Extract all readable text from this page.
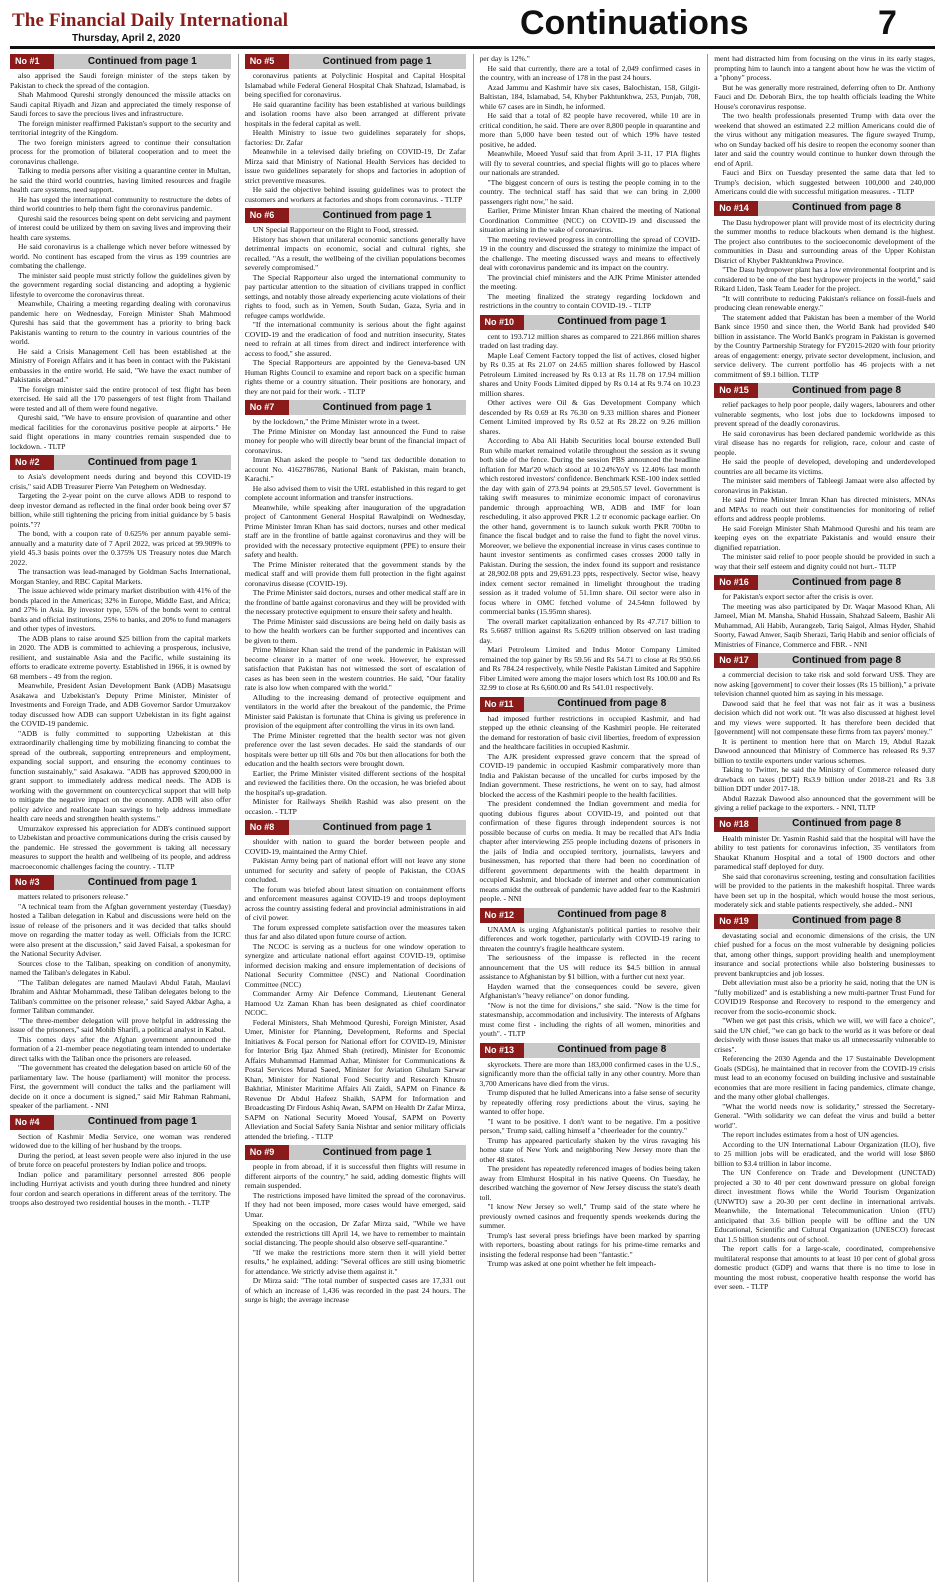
The Financial Daily International
Thursday, April 2, 2020	Continuations	7
No #1	Continued from page 1

also apprised the Saudi foreign minister of the steps taken by Pakistan to check the spread of the contagion.

Shah Mahmood Qureshi strongly denounced the missile attacks on Saudi capital Riyadh and Jizan and appreciated the timely response of Saudi forces to save the precious lives and infrastructure.

The foreign minister reaffirmed Pakistan's support to the security and territorial integrity of the Kingdom.

The two foreign ministers agreed to continue their consultation process for the promotion of bilateral cooperation and to meet the coronavirus challenge.

Talking to media persons after visiting a quarantine center in Multan, he said the third world countries, having limited resources and fragile health care systems, need support.

He has urged the international community to restructure the debts of third world countries to help them fight the coronavirus pandemic.

Qureshi said the resources being spent on debt servicing and payment of interest could be utilized by them on saving lives and improving their health care systems.

He said coronavirus is a challenge which never before witnessed by world. No continent has escaped from the virus as 199 countries are combating the challenge.

The minister said people must strictly follow the guidelines given by the government regarding social distancing and adopting a hygienic lifestyle to overcome the coronavirus threat.

Meanwhile, Chairing a meeting regarding dealing with coronavirus pandemic here on Wednesday, Foreign Minister Shah Mahmood Qureshi has said that the government has a priority to bring back Pakistanis wanting to return to the country in various countries of the world.

He said a Crisis Management Cell has been established at the Ministry of Foreign Affairs and it has been in contact with the Pakistani embassies in the entire world. He said, "We have the exact number of Pakistanis abroad."

The foreign minister said the entire protocol of test flight has been exercised. He said all the 170 passengers of test flight from Thailand were tested and all of them were found negative.

Qureshi said, "We have to ensure provision of quarantine and other medical facilities for the coronavirus positive people at airports." He said flight operations in many countries remain suspended due to lockdown. - TLTP

No #2	Continued from page 1

to Asia's development needs during and beyond this COVID-19 crisis," said ADB Treasurer Pierre Van Peteghem on Wednesday.

Targeting the 2-year point on the curve allows ADB to respond to deep investor demand as reflected in the final order book being over $7 billion, while still tightening the pricing from initial guidance by 5 basis points."??

The bond, with a coupon rate of 0.625% per annum payable semi-annually and a maturity date of 7 April 2022, was priced at 99.909% to yield 45.3 basis points over the 0.375% US Treasury notes due March 2022.

The transaction was lead-managed by Goldman Sachs International, Morgan Stanley, and RBC Capital Markets.

The issue achieved wide primary market distribution with 41% of the bonds placed in the Americas; 32% in Europe, Middle East, and Africa; and 27% in Asia. By investor type, 55% of the bonds went to central banks and official institutions, 25% to banks, and 20% to fund managers and other types of investors.

The ADB plans to raise around $25 billion from the capital markets in 2020. The ADB is committed to achieving a prosperous, inclusive, resilient, and sustainable Asia and the Pacific, while sustaining its efforts to eradicate extreme poverty. Established in 1966, it is owned by 68 members - 49 from the region.

Meanwhile, President Asian Development Bank (ADB) Masatsugu Asakawa and Uzbekistan's Deputy Prime Minister, Minister of Investments and Foreign Trade, and ADB Governor Sardor Umurzakov today discussed how ADB can support Uzbekistan in its fight against the COVID-19 pandemic.

"ADB is fully committed to supporting Uzbekistan at this extraordinarily challenging time by mobilizing financing to combat the spread of the outbreak, supporting entrepreneurs and employment, expanding social support, and ensuring the economy continues to function sustainably," said Asakawa. "ADB has approved $200,000 in grant support to immediately address medical needs. The ADB is working with the government on countercyclical support that will help to mitigate the negative impact on the economy. ADB will also offer policy advice and reallocate loan savings to help address immediate health care needs and strengthen health systems."

Umurzakov expressed his appreciation for ADB's continued support to Uzbekistan and proactive communications during the crisis caused by the pandemic. He stressed the government is taking all necessary measures to support the health and wellbeing of its people, and address macroeconomic challenges facing the country. - TLTP

No #3	Continued from page 1

matters related to prisoners release."

"A technical team from the Afghan government yesterday (Tuesday) hosted a Taliban delegation in Kabul and discussions were held on the issue of release of the prisoners and it was decided that talks should move on regarding the matter today as well. Officials from the ICRC were also present at the discussion," said Javed Faisal, a spokesman for the National Security Adviser.

Sources close to the Taliban, speaking on condition of anonymity, named the Taliban's delegates in Kabul.

"The Taliban delegates are named Maulavi Abdul Fatah, Maulavi Ibrahim and Akhtar Mohammadi, these Taliban delegates belong to the Taliban's committee on the prisoner release," said Sayed Akbar Agha, a former Taliban commander.

"The three-member delegation will prove helpful in addressing the issue of the prisoners," said Mohib Sharifi, a political analyst in Kabul.

This comes days after the Afghan government announced the formation of a 21-member peace negotiating team intended to undertake direct talks with the Taliban once the prisoners are released.

"The government has created the delegation based on article 60 of the parliamentary law. The house (parliament) will monitor the process. First, the government will conduct the talks and the parliament will decide on it once a document is signed," said Mir Rahman Rahmani, speaker of the parliament. - NNI

No #4	Continued from page 1

Section of Kashmir Media Service, one woman was rendered widowed due to the killing of her husband by the troops.

During the period, at least seven people were also injured in the use of brute force on peaceful protesters by Indian police and troops.

Indian police and paramilitary personnel arrested 806 people including Hurriyat activists and youth during three hundred and ninety four cordon and search operations in different areas of the territory. The troops also destroyed two residential houses in the month. - TLTP

No #5	Continued from page 1

coronavirus patients at Polyclinic Hospital and Capital Hospital Islamabad while Federal General Hospital Chak Shahzad, Islamabad, is being specified for coronavirus.

He said quarantine facility has been established at various buildings and isolation rooms have also been arranged at different private hospitals in the federal capital as well.

Health Ministry to issue two guidelines separately for shops, factories: Dr. Zafar

Meanwhile in a televised daily briefing on COVID-19, Dr Zafar Mirza said that Ministry of National Health Services has decided to issue two guidelines separately for shops and factories in adoption of strict preventive measures.

He said the objective behind issuing guidelines was to protect the customers and workers at factories and shops from coronavirus. - TLTP

No #6	Continued from page 1

UN Special Rapporteur on the Right to Food, stressed.

History has shown that unilateral economic sanctions generally have detrimental impacts on economic, social and cultural rights, she recalled. "As a result, the wellbeing of the civilian populations becomes severely compromised."

The Special Rapporteur also urged the international community to pay particular attention to the situation of civilians trapped in conflict settings, and notably those already experiencing acute violations of their rights to food, such as in Yemen, South Sudan, Gaza, Syria and in refugee camps worldwide.

"If the international community is serious about the fight against COVID-19 and the eradication of food and nutrition insecurity, States need to refrain at all times from direct and indirect interference with access to food," she assured.

The Special Rapporteurs are appointed by the Geneva-based UN Human Rights Council to examine and report back on a specific human rights theme or a country situation. Their positions are honorary, and they are not paid for their work. - TLTP

No #7	Continued from page 1

by the lockdown," the Prime Minister wrote in a tweet.

The Prime Minister on Monday last announced the Fund to raise money for people who will directly bear brunt of the financial impact of coronavirus.

Imran Khan asked the people to "send tax deductible donation to account No. 4162786786, National Bank of Pakistan, main branch, Karachi."

He also advised them to visit the URL established in this regard to get complete account information and transfer instructions.

Meanwhile, while speaking after inauguration of the upgradation project of Cantonment General Hospital Rawalpindi on Wednesday, Prime Minister Imran Khan has said doctors, nurses and other medical staff are in the frontline of battle against coronavirus and they will be provided with the necessary protective equipment (PPE) to ensure their safety and health.

The Prime Minister reiterated that the government stands by the medical staff and will provide them full protection in the fight against coronavirus disease (COVID-19).

The Prime Minister said doctors, nurses and other medical staff are in the frontline of battle against coronavirus and they will be provided with the necessary protective equipment to ensure their safety and health.

The Prime Minister said discussions are being held on daily basis as to how the health workers can be further supported and incentives can be given to them.

Prime Minister Khan said the trend of the pandemic in Pakistan will become clearer in a matter of one week. However, he expressed satisfaction that Pakistan has not witnessed the sort of escalation of cases as has been seen in the western countries. He said, "Our fatality rate is also low when compared with the world."

Alluding to the increasing demand of protective equipment and ventilators in the world after the breakout of the pandemic, the Prime Minister said Pakistan is fortunate that China is giving us preference in provision of the equipment after controlling the virus in its own land.

The Prime Minister regretted that the health sector was not given preference over the last seven decades. He said the standards of our hospitals were better up till 60s and 70s but then allocations for both the education and the health sectors were brought down.

Earlier, the Prime Minister visited different sections of the hospital and reviewed the facilities there. On the occasion, he was briefed about the hospital's up-gradation.

Minister for Railways Sheikh Rashid was also present on the occasion. - TLTP

No #8	Continued from page 1

shoulder with nation to guard the border between people and COVID-19, maintained the Army Chief.

Pakistan Army being part of national effort will not leave any stone unturned for security and safety of people of Pakistan, the COAS concluded.

The forum was briefed about latest situation on containment efforts and enforcement measures against COVID-19 and troops deployment across the country assisting federal and provincial administrations in aid of civil power.

The forum expressed complete satisfaction over the measures taken thus far and also dilated upon future course of action.

The NCOC is serving as a nucleus for one window operation to synergize and articulate national effort against COVID-19, optimise informed decision making and ensure implementation of decisions of National Security Committee (NSC) and National Coordination Committee (NCC)

Commander Army Air Defence Command, Lieutenant General Hamood Uz Zaman Khan has been designated as chief coordinator NCOC.

Federal Ministers, Shah Mehmood Qureshi, Foreign Minister, Asad Umer, Minister for Planning, Development, Reforms and Special Initiatives & Focal person for National effort for COVID-19, Minister for Interior Brig Ijaz Ahmed Shah (retired), Minister for Economic Affairs Muhammad Hammad Azhar, Minister for Communications & Postal Services Murad Saeed, Minister for Aviation Ghulam Sarwar Khan, Minister for National Food Security and Research Khusro Bakhtiar, Minister Maritime Affairs Ali Zaidi, SAPM on Finance & Revenue Dr Abdul Hafeez Shaikh, SAPM for Information and Broadcasting Dr Firdous Ashiq Awan, SAPM on Health Dr Zafar Mirza, SAPM on National Security Moeed Yousaf, SAPM on Poverty Alleviation and Social Safety Sania Nishtar and senior military officials attended the briefing. - TLTP

No #9	Continued from page 1

people in from abroad, if it is successful then flights will resume in different airports of the country," he said, adding domestic flights will remain suspended.

The restrictions imposed have limited the spread of the coronavirus. If they had not been imposed, more cases would have emerged, said Umar.

Speaking on the occasion, Dr Zafar Mirza said, "While we have extended the restrictions till April 14, we have to remember to maintain social distancing. The people should also observe self-quarantine."

"If we make the restrictions more stern then it will yield better results," he explained, adding: "Several offices are still using biometric for attendance. We strictly advise them against it."

Dr Mirza said: "The total number of suspected cases are 17,331 out of which an increase of 1,436 was recorded in the past 24 hours. The surge is high; the average increase

per day is 12%."

He said that currently, there are a total of 2,049 confirmed cases in the country, with an increase of 178 in the past 24 hours.

Azad Jammu and Kashmir have six cases, Balochistan, 158, Gilgit-Baltistan, 184, Islamabad, 54, Khyber Pakhtunkhwa, 253, Punjab, 708, while 67 cases are in Sindh, he informed.

He said that a total of 82 people have recovered, while 10 are in critical condition, he said. There are over 8,800 people in quarantine and more than 5,000 have been tested out of which 19% have tested positive, he added.

Meanwhile, Moeed Yusuf said that from April 3-11, 17 PIA flights will fly to several countries, and special flights will go to places where our nationals are stranded.

"The biggest concern of ours is testing the people coming in to the country. The technical staff has said that we can bring in 2,000 passengers right now," he said.

Earlier, Prime Minister Imran Khan chaired the meeting of National Coordination Committee (NCC) on COVID-19 and discussed the situation arising in the wake of coronavirus.

The meeting reviewed progress in controlling the spread of COVID-19 in the country and discussed the strategy to minimize the impact of the challenge. The meeting discussed ways and means to effectively deal with coronavirus pandemic and its impact on the country.

The provincial chief ministers and the AJK Prime Minister attended the meeting.

The meeting finalized the strategy regarding lockdown and restrictions in the country to contain COVID-19. - TLTP

No #10	Continued from page 1

cent to 193.712 million shares as compared to 221.866 million shares traded on last trading day.

Maple Leaf Cement Factory topped the list of actives, closed higher by Rs 0.35 at Rs 21.07 on 24.65 million shares followed by Hascol Petroleum Limited increased by Rs 0.13 at Rs 11.78 on 17.94 million shares and Unity Foods Limited dipped by Rs 0.14 at Rs 9.74 on 10.23 million shares.

Other actives were Oil & Gas Development Company which descended by Rs 0.69 at Rs 76.30 on 9.33 million shares and Pioneer Cement Limited improved by Rs 0.52 at Rs 28.22 on 9.26 million shares.

According to Aba Ali Habib Securities local bourse extended Bull Run while market remained volatile throughout the session as it swung both side of the fence. During the session PBS announced the headline inflation for Mar'20 which stood at 10.24%YoY vs 12.40% last month which restored investors' confidence. Benchmark KSE-100 index settled the day with gain of 273.94 points at 29,505.57 level. Government is taking swift measures to minimize economic impact of coronavirus pandemic through approaching WB, ADB and IMF for loan rescheduling, it also approved PKR 1.2 tr economic package earlier. On the other hand, government is to launch sukuk worth PKR 700bn to finance the fiscal budget and to raise the fund to fight the novel virus. Moreover, we believe the exponential increase in virus cases continue to haunt investor sentiments as confirmed cases crosses 2000 tally in Pakistan. During the session, the index found its support and resistance at 28,902.08 ppts and 29,691.23 ppts, respectively. Sector wise, heavy index cement sector remained in limelight throughout the trading session as it traded volume of 51.1mn share. Oil sector were also in focus where in OMC fetched volume of 24.54mn followed by commercial banks (15.95mn shares).

The overall market capitalization enhanced by Rs 47.717 billion to Rs 5.6687 trillion against Rs 5.6209 trillion observed on last trading day.

Mari Petroleum Limited and Indus Motor Company Limited remained the top gainer by Rs 59.56 and Rs 54.71 to close at Rs 950.66 and Rs 784.24 respectively, while Nestle Pakistan Limited and Sapphire Fiber Limited were among the major losers which lost Rs 100.00 and Rs 32.99 to close at Rs 6,600.00 and Rs 541.01 respectively.

No #11	Continued from page 8

had imposed further restrictions in occupied Kashmir, and had stepped up the ethnic cleansing of the Kashmiri people. He reiterated the demand for restoration of basic civil liberties, freedom of expression and the healthcare facilities in occupied Kashmir.

The AJK president expressed grave concern that the spread of COVID-19 pandemic in occupied Kashmir comparatively more than India and Pakistan because of the uncalled for curbs imposed by the Indian government. These restrictions, he went on to say, had almost blocked the access of the Kashmiri people to the health facilities.

The president condemned the Indian government and media for quoting dubious figures about COVID-19, and pointed out that confirmation of these figures through independent sources is not possible because of curbs on media. It may be recalled that AI's India chapter after interviewing 255 people including dozens of prisoners in the jails of India and occupied territory, journalists, lawyers and businessmen, has reported that there had been no coordination of different government departments with the health department in occupied Kashmir, and blockade of internet and other communication means amidst the outbreak of pandemic have added fear to the Kashmiri people. - NNI

No #12	Continued from page 8

UNAMA is urging Afghanistan's political parties to resolve their differences and work together, particularly with COVID-19 raring to threaten the country's fragile healthcare system.

The seriousness of the impasse is reflected in the recent announcement that the US will reduce its $4.5 billion in annual assistance to Afghanistan by $1 billion, with a further cut next year.

Hayden warned that the consequences could be severe, given Afghanistan's "heavy reliance" on donor funding.

"Now is not the time for divisions," she said. "Now is the time for statesmanship, accommodation and inclusivity. The interests of Afghans must come first - including the rights of all women, minorities and youth". - TLTP

No #13	Continued from page 8

skyrockets. There are more than 183,000 confirmed cases in the U.S., significantly more than the official tally in any other country. More than 3,700 Americans have died from the virus.

Trump disputed that he lulled Americans into a false sense of security by repeatedly offering rosy predictions about the virus, saying he wanted to offer hope.

"I want to be positive. I don't want to be negative. I'm a positive person," Trump said, calling himself a "cheerleader for the country."

Trump has appeared particularly shaken by the virus ravaging his home state of New York and neighboring New Jersey more than the other 48 states.

The president has repeatedly referenced images of bodies being taken away from Elmhurst Hospital in his native Queens. On Tuesday, he described watching the governor of New Jersey discuss the state's death toll.

"I know New Jersey so well," Trump said of the state where he previously owned casinos and frequently spends weekends during the summer.

Trump's last several press briefings have been marked by sparring with reporters, boasting about ratings for his prime-time remarks and insisting the federal response had been "fantastic."

Trump was asked at one point whether he felt impeach-

ment had distracted him from focusing on the virus in its early stages, prompting him to launch into a tangent about how he was the victim of a "phony" process.

But he was generally more restrained, deferring often to Dr. Anthony Fauci and Dr. Deborah Birx, the top health officials leading the White House's coronavirus response.

The two health professionals presented Trump with data over the weekend that showed an estimated 2.2 million Americans could die of the virus without any mitigation measures. The figure swayed Trump, who on Sunday backed off his desire to reopen the economy sooner than later and said the country would continue to hunker down through the end of April.

Fauci and Birx on Tuesday presented the same data that led to Trump's decision, which suggested between 100,000 and 240,000 Americans could die with successful mitigation measures. - TLTP

No #14	Continued from page 8

The Dasu hydropower plant will provide most of its electricity during the summer months to reduce blackouts when demand is the highest. The project also contributes to the socioeconomic development of the communities in Dasu and surrounding areas of the Upper Kohistan District of Khyber Pakhtunkhwa Province.

"The Dasu hydropower plant has a low environmental footprint and is considered to be one of the best hydropower projects in the world," said Rikard Liden, Task Team Leader for the project.

"It will contribute to reducing Pakistan's reliance on fossil-fuels and producing clean renewable energy."

The statement added that Pakistan has been a member of the World Bank since 1950 and since then, the World Bank had provided $40 billion in assistance. The World Bank's program in Pakistan is governed by the Country Partnership Strategy for FY2015-2020 with four priority areas of engagement: energy, private sector development, inclusion, and service delivery. The current portfolio has 46 projects with a net commitment of $9.1 billion. TLTP

No #15	Continued from page 8

relief packages to help poor people, daily wagers, labourers and other vulnerable segments, who lost jobs due to lockdowns imposed to prevent spread of the deadly coronavirus.

He said coronavirus has been declared pandemic worldwide as this viral disease has no regards for religion, race, colour and caste of people.

He said the people of developed, developing and underdeveloped countries are all became its victims.

The minister said members of Tableegi Jamaat were also affected by coronavirus in Pakistan.

He said Prime Minister Imran Khan has directed ministers, MNAs and MPAs to reach out their constituencies for monitoring of relief efforts and address people problems.

He said Foreign Minister Shah Mahmood Qureshi and his team are keeping eyes on the expatriate Pakistanis and would ensure their dignified repatriation.

The minister said relief to poor people should be provided in such a way that their self esteem and dignity could not hurt.- TLTP

No #16	Continued from page 8

for Pakistan's export sector after the crisis is over.

The meeting was also participated by Dr. Waqar Masood Khan, Ali Jameel, Mian M. Mansha, Shahid Hussain, Shahzad Saleem, Bashir Ali Muhammad, Ali Habib, Aurangzeb, Tariq Saigol, Almas Hyder, Shahid Soorty, Fawad Anwer, Saqib Sherazi, Tariq Habib and senior officials of Ministries of Finance, Commerce and FBR. - NNI

No #17	Continued from page 8

a commercial decision to take risk and sold forward US$. They are now asking [government] to cover their losses (Rs 15 billion)," a private television channel quoted him as saying in his message.

Dawood said that he feel that was not fair as it was a business decision which did not work out. "It was also discussed at highest level and my views were supported. It has therefore been decided that [government] will not compensate these firms from tax payers' money."

It is pertinent to mention here that on March 19, Abdul Razak Dawood announced that Ministry of Commerce has released Rs 9.37 billion to textile exporters under various schemes.

Taking to Twitter, he said the Ministry of Commerce released duty drawback on taxes (DDT) Rs3.9 billion under 2018-21 and Rs 3.8 billion DDT under 2017-18.

Abdul Razzak Dawood also announced that the government will be giving a relief package to the exporters. - NNI, TLTP

No #18	Continued from page 8

Health minister Dr. Yasmin Rashid said that the hospital will have the ability to test patients for coronavirus infection, 35 ventilators from Shaukat Khanum Hospital and a total of 1900 doctors and other paramedical staff deployed for duty.

She said that coronavirus screening, testing and consultation facilities will be provided to the patients in the makeshift hospital. Three wards have been set up in the hospital, which would house the most serious, moderately sick and stable patients respectively, she added.- NNI

No #19	Continued from page 8

devastating social and economic dimensions of the crisis, the UN chief pushed for a focus on the most vulnerable by designing policies that, among other things, support providing health and unemployment insurance and social protections while also bolstering businesses to prevent bankruptcies and job losses.

Debt alleviation must also be a priority he said, noting that the UN is "fully mobilized" and is establishing a new multi-partner Trust Fund for COVID19 Response and Recovery to respond to the emergency and recover from the socio-economic shock.

"When we get past this crisis, which we will, we will face a choice", said the UN chief, "we can go back to the world as it was before or deal decisively with those issues that make us all unnecessarily vulnerable to crises".

Referencing the 2030 Agenda and the 17 Sustainable Development Goals (SDGs), he maintained that in recover from the COVID-19 crisis must lead to an economy focused on building inclusive and sustainable economies that are more resilient in facing pandemics, climate change, and the many other global challenges.

"What the world needs now is solidarity," stressed the Secretary-General. "With solidarity we can defeat the virus and build a better world".

The report includes estimates from a host of UN agencies.

According to the UN International Labour Organization (ILO), five to 25 million jobs will be eradicated, and the world will lose $860 billion to $3.4 trillion in labor income.

The UN Conference on Trade and Development (UNCTAD) projected a 30 to 40 per cent downward pressure on global foreign direct investment flows while the World Tourism Organization (UNWTO) saw a 20-30 per cent decline in international arrivals. Meanwhile, the International Telecommunication Union (ITU) anticipated that 3.6 billion people will be offline and the UN Educational, Scientific and Cultural Organization (UNESCO) forecast that 1.5 billion students out of school.

The report calls for a large-scale, coordinated, comprehensive multilateral response that amounts to at least 10 per cent of global gross domestic product (GDP) and warns that there is no time to lose in mounting the most robust, cooperative health response the world has ever seen. - TLTP
